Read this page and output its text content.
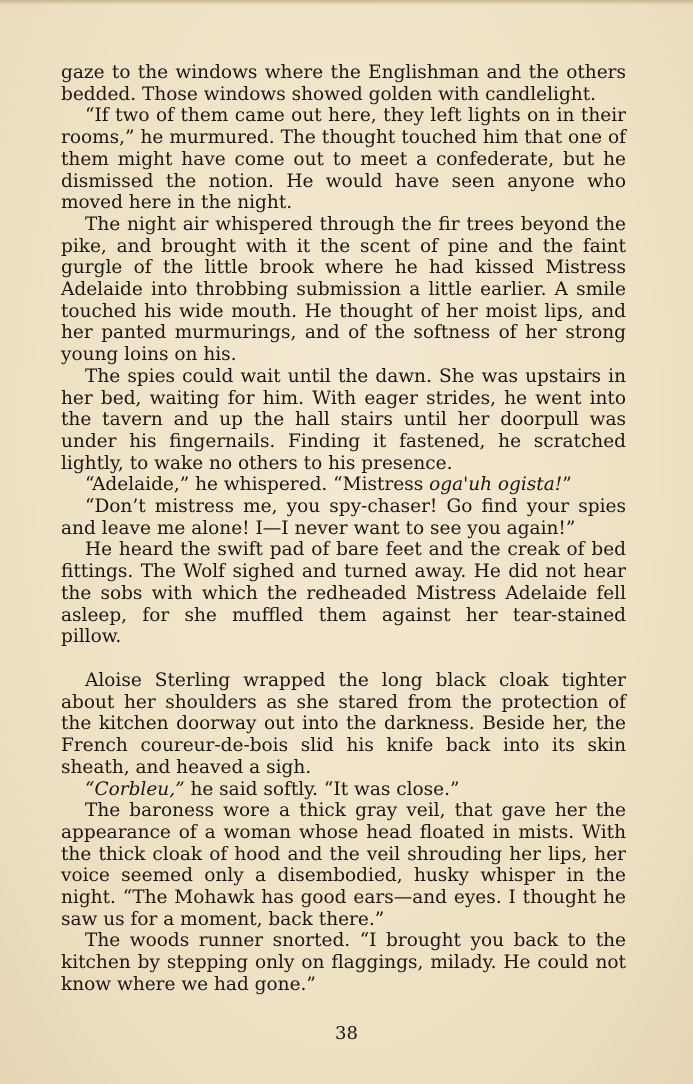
gaze to the windows where the Englishman and the others bedded. Those windows showed golden with candlelight.

“If two of them came out here, they left lights on in their rooms,” he murmured. The thought touched him that one of them might have come out to meet a confederate, but he dismissed the notion. He would have seen anyone who moved here in the night.

The night air whispered through the fir trees beyond the pike, and brought with it the scent of pine and the faint gurgle of the little brook where he had kissed Mistress Adelaide into throbbing submission a little earlier. A smile touched his wide mouth. He thought of her moist lips, and her panted murmurings, and of the softness of her strong young loins on his.

The spies could wait until the dawn. She was upstairs in her bed, waiting for him. With eager strides, he went into the tavern and up the hall stairs until her doorpull was under his fingernails. Finding it fastened, he scratched lightly, to wake no others to his presence.

“Adelaide,” he whispered. “Mistress oga'uh ogista!”

“Don’t mistress me, you spy-chaser! Go find your spies and leave me alone! I—I never want to see you again!”

He heard the swift pad of bare feet and the creak of bed fittings. The Wolf sighed and turned away. He did not hear the sobs with which the redheaded Mistress Adelaide fell asleep, for she muffled them against her tear-stained pillow.

Aloise Sterling wrapped the long black cloak tighter about her shoulders as she stared from the protection of the kitchen doorway out into the darkness. Beside her, the French coureur-de-bois slid his knife back into its skin sheath, and heaved a sigh.

“Corbleu,” he said softly. “It was close.”

The baroness wore a thick gray veil, that gave her the appearance of a woman whose head floated in mists. With the thick cloak of hood and the veil shrouding her lips, her voice seemed only a disembodied, husky whisper in the night. “The Mohawk has good ears—and eyes. I thought he saw us for a moment, back there.”

The woods runner snorted. “I brought you back to the kitchen by stepping only on flaggings, milady. He could not know where we had gone.”

38
